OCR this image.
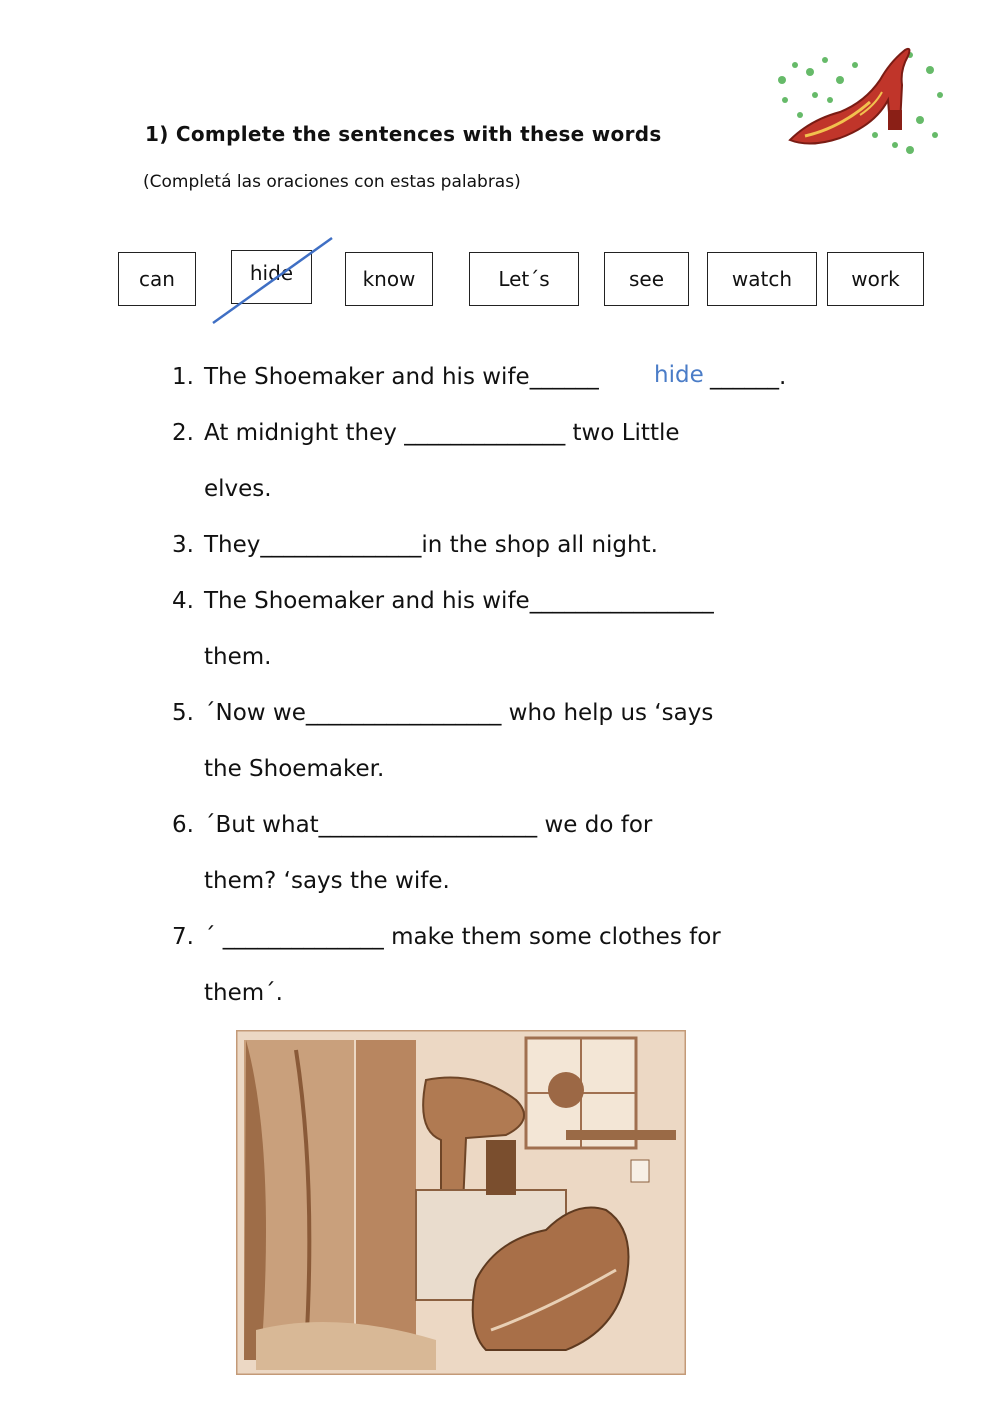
1) Complete the sentences with these words
(Completá las oraciones con estas palabras)
can	hide	know	Let´s	see	watch	work
1.
2.
3.
4.
5.
6.
7.
The Shoemaker and his wife______ hide ______.
At midnight they ______________ two Little
elves.
They______________in the shop all night.
The Shoemaker and his wife________________
them.
´Now we_________________ who help us ‘says
the Shoemaker.
´But what___________________ we do for
them? ‘says the wife.
´ ______________ make them some clothes for
them´.
